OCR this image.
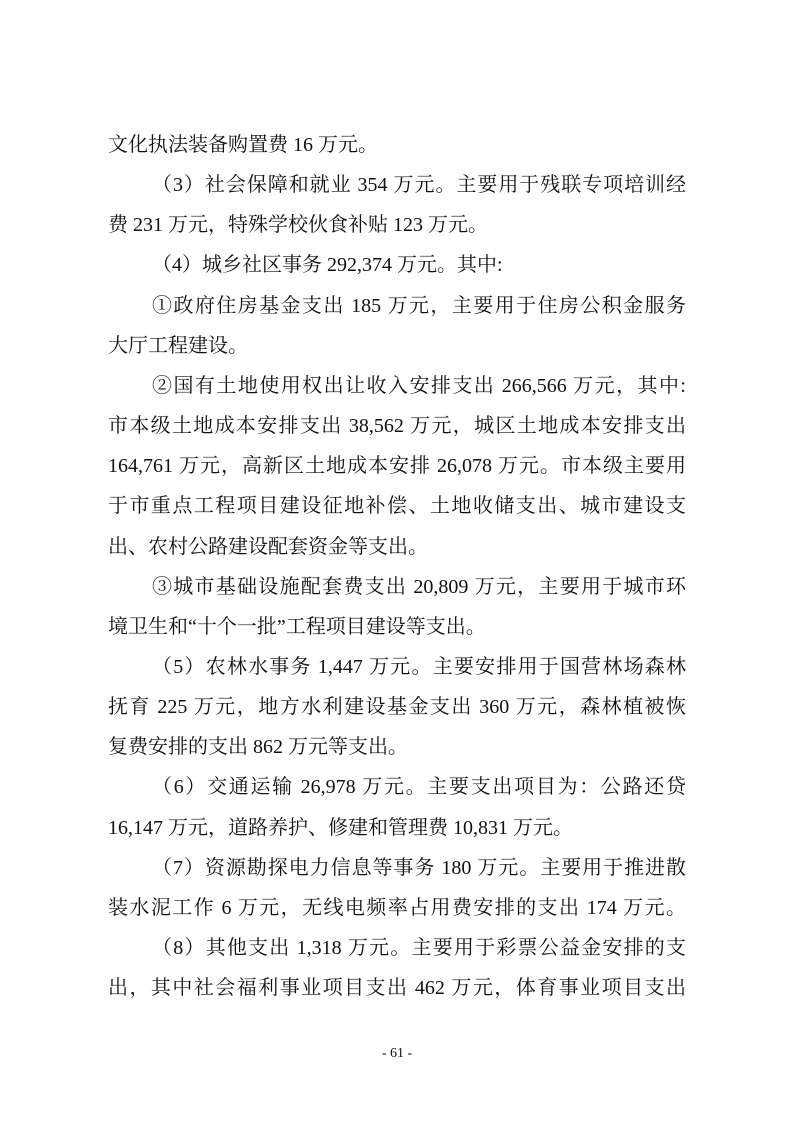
文化执法装备购置费 16 万元。
（3）社会保障和就业 354 万元。主要用于残联专项培训经
费 231 万元，特殊学校伙食补贴 123 万元。
（4）城乡社区事务 292,374 万元。其中:
①政府住房基金支出 185 万元，主要用于住房公积金服务
大厅工程建设。
②国有土地使用权出让收入安排支出 266,566 万元，其中:
市本级土地成本安排支出 38,562 万元，城区土地成本安排支出
164,761 万元，高新区土地成本安排 26,078 万元。市本级主要用
于市重点工程项目建设征地补偿、土地收储支出、城市建设支
出、农村公路建设配套资金等支出。
③城市基础设施配套费支出 20,809 万元，主要用于城市环
境卫生和“十个一批”工程项目建设等支出。
（5）农林水事务 1,447 万元。主要安排用于国营林场森林
抚育 225 万元，地方水利建设基金支出 360 万元，森林植被恢
复费安排的支出 862 万元等支出。
（6）交通运输 26,978 万元。主要支出项目为：公路还贷
16,147 万元，道路养护、修建和管理费 10,831 万元。
（7）资源勘探电力信息等事务 180 万元。主要用于推进散
装水泥工作 6 万元，无线电频率占用费安排的支出 174 万元。
（8）其他支出 1,318 万元。主要用于彩票公益金安排的支
出，其中社会福利事业项目支出 462 万元，体育事业项目支出
- 61 -
